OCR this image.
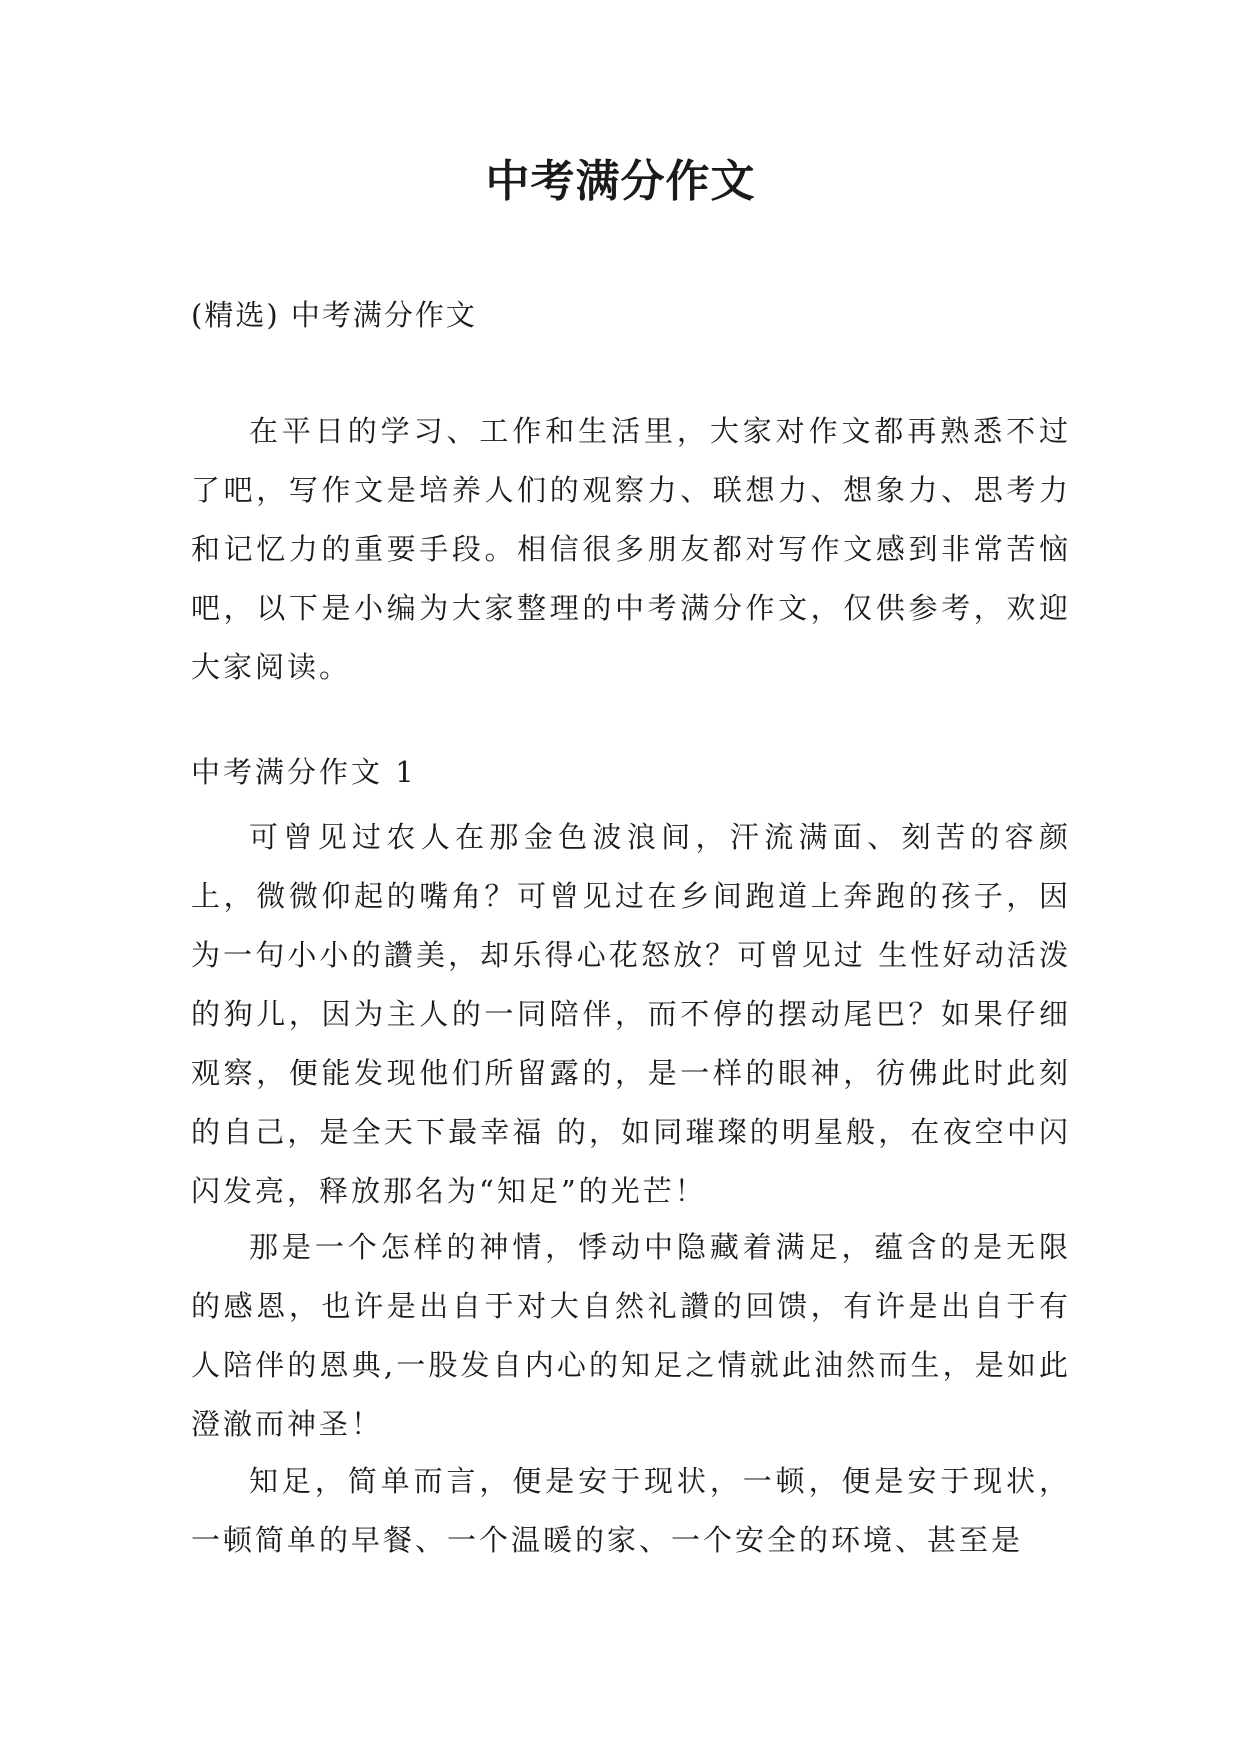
中考满分作文

(精选) 中考满分作文

在平日的学习、工作和生活里，大家对作文都再熟悉不过了吧，写作文是培养人们的观察力、联想力、想象力、思考力和记忆力的重要手段。相信很多朋友都对写作文感到非常苦恼吧，以下是小编为大家整理的中考满分作文，仅供参考，欢迎大家阅读。

中考满分作文 1

可曾见过农人在那金色波浪间，汗流满面、刻苦的容颜上，微微仰起的嘴角？可曾见过在乡间跑道上奔跑的孩子，因为一句小小的讚美，却乐得心花怒放？可曾见过 生性好动活泼的狗儿，因为主人的一同陪伴，而不停的摆动尾巴？如果仔细观察，便能发现他们所留露的，是一样的眼神，彷佛此时此刻的自己，是全天下最幸福 的，如同璀璨的明星般，在夜空中闪闪发亮，释放那名为“知足”的光芒！

那是一个怎样的神情，悸动中隐藏着满足，蕴含的是无限的感恩，也许是出自于对大自然礼讚的回馈，有许是出自于有人陪伴的恩典,一股发自内心的知足之情就此油然而生，是如此澄澈而神圣！

知足，简单而言，便是安于现状，一顿，便是安于现状，一顿简单的早餐、一个温暖的家、一个安全的环境、甚至是
